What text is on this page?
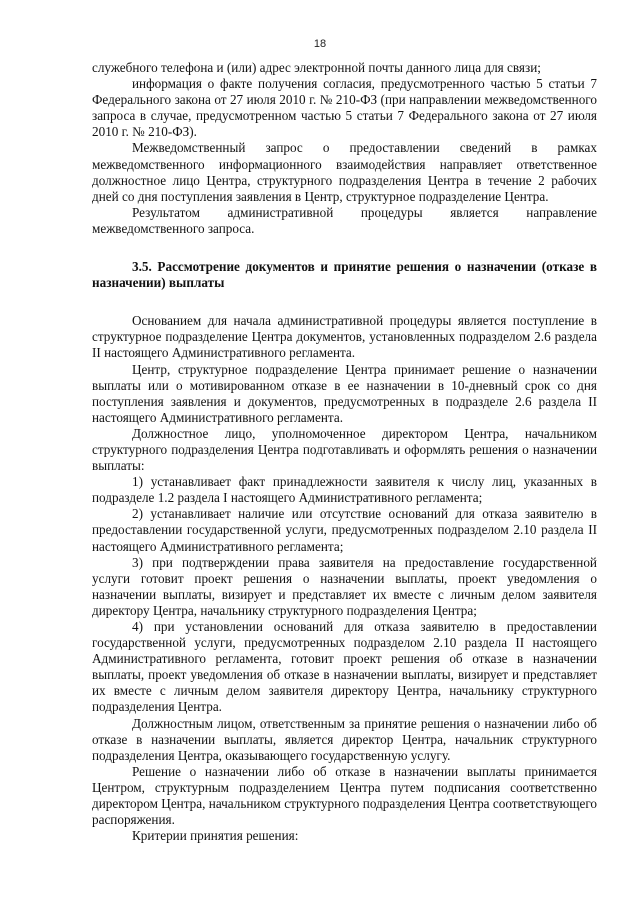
18

служебного телефона и (или) адрес электронной почты данного лица для связи;

информация о факте получения согласия, предусмотренного частью 5 статьи 7 Федерального закона от 27 июля 2010 г. № 210-ФЗ (при направлении межведомственного запроса в случае, предусмотренном частью 5 статьи 7 Федерального закона от 27 июля 2010 г. № 210-ФЗ).

Межведомственный запрос о предоставлении сведений в рамках межведомственного информационного взаимодействия направляет ответственное должностное лицо Центра, структурного подразделения Центра в течение 2 рабочих дней со дня поступления заявления в Центр, структурное подразделение Центра.

Результатом административной процедуры является направление межведомственного запроса.

3.5. Рассмотрение документов и принятие решения о назначении (отказе в назначении) выплаты

Основанием для начала административной процедуры является поступление в структурное подразделение Центра документов, установленных подразделом 2.6 раздела II настоящего Административного регламента.

Центр, структурное подразделение Центра принимает решение о назначении выплаты или о мотивированном отказе в ее назначении в 10-дневный срок со дня поступления заявления и документов, предусмотренных в подразделе 2.6 раздела II настоящего Административного регламента.

Должностное лицо, уполномоченное директором Центра, начальником структурного подразделения Центра подготавливать и оформлять решения о назначении выплаты:

1) устанавливает факт принадлежности заявителя к числу лиц, указанных в подразделе 1.2 раздела I настоящего Административного регламента;

2) устанавливает наличие или отсутствие оснований для отказа заявителю в предоставлении государственной услуги, предусмотренных подразделом 2.10 раздела II настоящего Административного регламента;

3) при подтверждении права заявителя на предоставление государственной услуги готовит проект решения о назначении выплаты, проект уведомления о назначении выплаты, визирует и представляет их вместе с личным делом заявителя директору Центра, начальнику структурного подразделения Центра;

4) при установлении оснований для отказа заявителю в предоставлении государственной услуги, предусмотренных подразделом 2.10 раздела II настоящего Административного регламента, готовит проект решения об отказе в назначении выплаты, проект уведомления об отказе в назначении выплаты, визирует и представляет их вместе с личным делом заявителя директору Центра, начальнику структурного подразделения Центра.

Должностным лицом, ответственным за принятие решения о назначении либо об отказе в назначении выплаты, является директор Центра, начальник структурного подразделения Центра, оказывающего государственную услугу.

Решение о назначении либо об отказе в назначении выплаты принимается Центром, структурным подразделением Центра путем подписания соответственно директором Центра, начальником структурного подразделения Центра соответствующего распоряжения.

Критерии принятия решения:
